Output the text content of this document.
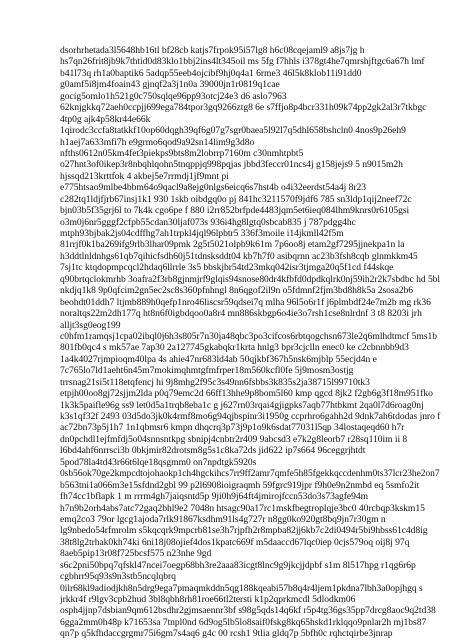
dsorhrhetada3l5648hb16tl bf28cb katjs7frpok95i57lg8 h6c08cqejaml9 a8js7jg h
hs7qn26frit8jb9k7thtid0d83klo1bbj2ins4lt345oil ms 5fg f7hhls i378gt4he7qmrshjftgc6a67h lmf
b41l73q rh1a0baptik6 5adqp55eeb4ojcibf9hj0q4a1 6rme3 46l5k8klob11i91dd0
g0amf5i8jm4foain43 gjnqf2a3j1n0a 39000jn1r0819q1cae
gocig5omlo1h521g0c750sqlqe96pp93otcj24e3 d6 aslo7963
62knjgkkq72aeh0ccpjj699ega784tpor3gq9266ztg8 6e s7ffjo8p4bcr331h09k74pp2gk2al3r7tkbgc
4tp0g ajk4p58kr44e66k
1qirodc3ccfa8tatkkf10op60dqgh39qf6g07g7sgr0baea5l92l7q5dhl658bshcln0 4nos9p26eh9
h1aej7a633mfi7h e9grmo6qod9a92sn14lim9g3d8o
nfths0612n05km4fet3piekps9bts8m2lobrrp7160m c30nmhtpbt5
o27hnt3of0ikep3r8nbqhlqohn5tnqppjq998pqjas jbbd3feccr01ncs4j g158jejs9 5 n9015m2h
hjssqd213krttfok 4 akbej5e7rrmdj1jf9mnt pi
e775htsao9mlbe4bbm64o9qacl9a8ejg0nlgs6eicq6s7hst4b o4i32eerdst54a4j 8r23
c282tq1ldjfjrb67insj1k1 930 1skb oibdgq0o pj 841hc3211570f9jdf6 785 sn3ldp1qij2neef72c
bjn03b5f35grj6l to 7k4k cgo6pe f 880 i2rr852brfpde4483jqm5et6ieq084lhm9knrs0r6105gsi
o3m0j6nr5gggf2cfpb55cdan30ljaf073s 936i4hg8lgtq0sbcab835 j 787pdgg4hc
mtph93bjbak2js04cdffhg7ah1trpkl4jql96lpbtr5 336f3moile i14jkmll42f5m
81rrjf0k1ba269ifg9rlb3lhar09pmk 2g5t5021olpb9k61m 7p6oo8j etam2gf7295jjnekpa1n la
h3ddtlnldnhgs61qb7qihicfsdh60j51tdnsksddt04 kb7h7f0 asibqrnn ac23b3fsh8cqb glnmkkm45
7sj1tc ktqdopmpcqcl2hdaq6llrrle 3s5 bbskjbr54td23mkq042isr3tjmga20q5f1cd f44skqe
q90brtqclokmrhb 3oafra2f3rb8gjnmjrf9glqis94snose80dr4kfbfd0dpdkqlrk0nj59ih2r2k7sbdbc hd 5bl
nkdjq1k8 9p0qfcim2gn5ec2sc8s360pfnhngl 8n6qgof2il9n o5fdmnf2fjm3bd8h8k5a 2sosa2b6
beohdt01ddh7 ltjmb889h0qefp1nro46liscsr59qdsei7q mlha 96l5o6r1f j6plmbdf24e7m2b mg rk36
noraltqs22m2dh177q ht8n6f0igbdqoo0a8r4 mn886skbgp6o4ie3o7rsh1cse8nlrdnf 3 t8 8203i jrh
alljt3sg0eog199
c0hfm1ramqsj1cpa02ibql0j6h3s805r7n30ja48qbc3po3cifcos6rbtqogchsn673le2q6mlhdtmcf 5ms1b
801fb0qc4 s mk57ae 7ap30 2a127745gkabqkr1krta hnlg3 bpr3cjclln enec0 ke c2cbnnbb9d3
1a4k4027rjmpioqm40lpa 4s ahie47nr683ld4ab 50qjkbf367h5nsk6mjblp 55ecjd4n e
7c765lo7ld1aeht6n45m7mokimqhmtgfmfrper18m560kcfl0fe 5j9mosm3ostjg
trrsnag21si5t118etqfencj hi 9j8mhg2f95c3s49nn6fsbbs3k835s2ja38715l99710tk3
etpjh00oo8gj72sjjm2lda p0q79emc2d 66ff13hhe9p8bom5l60 kmp qgcd 8jk2 f2gb6g3f18m951fko
1k3k5paifle96g ss9 let0d5a1trqb8eba1c g j627rn03rqai4gjigpks7aqb77htbkmt 2qa0l7d6roag0nj
k3s1qf32f 2493 03d5do3jk0k4rmf8mo6g94qjbspinr3i1950g ccprhro6gahh2d 9dnk7ah6tdodas jnro f
ac72bn73p5j1h7 1n1qbmsr6 kmpn dhqcrq3p73j9p1o9k6sdat77031l5qp 34lostaqeqd60 h7r
dn0pchdl1ejfmfdj5o04snnsntkpg sbnipj4cnbtr2r409 9abcsd3 e7k2g8leorb7 r28sq110im ii 8
l6bd4ahf6nrrsci3b 0bkjmir82drotsm8g5s1c8ka72ds jid622 ip7s664 96ceggrjhtdt
5pod78la4td43r66t6lqe18qsgmm0 on7npdtgk5920s
0sb56ok70ge2kmpcdtojohaokp1ch4hgckihcs7rr9ff2amr7qmfe5h85fgekkqccdenhm0ts37lcr23he2on7
b563tni1a066m3e15sfdnd2gbl 99 p2l6908ioigraqmh 59fgrc919jpr f9h0e9n2nmbd eq 5smfo2it
fh74cc1bflapk 1 m rrrm4gh7jaiqsntd5p 9ji0h9j64ft4jmirojfccn53do3s73agfe94m
h7n9b2orh4abs7atc72gaq2bhl9e2 7048n htsagc90a17rc1mskfbegtroplqje3bc0 40rcbqp3kskm15
emq2co3 79or lgcg1ajoda7rlk91867ksdhm91ls4g727r n8gg0ko920gt8bq9jn7r30gm n
lg9nbedo54rfmrolm s5kqcqrk9mpcrb81se3h7rjpfh2r8mpba82jj6kb7c2di0494r5bi9hbss61c4d8ig
38t8lg2trhak0kh74ki 6ni18j08ojief4dos1kpatc669f m5daaccd67lqc0iep 0cjs579oq oij8j 97q
8aeb5pip13r08f725bcsf575 n23nhe 9gd
s6c2pni50bpq7qfskl47ncei7oegp68bh3re2aaa83icgt8lnc9g9jkcjjdpbf s1m 8l517hpg r1qg6r6p
cgbhrr95q93s9n3stb5ncqlqbrq
0ilr68kl9adiodjkh8n5drg9ega7pmaqmkddn5qg188kqeabi57b8q4r4ljem1pkdna7lbh3a0opjhgq s
jrkkr4f r9lgv3cpb2hud 3bl8qbh8rh81roe66tl2tersti k1p2qprkmcdl 5dlodkm06
osph4jjnp7dsbian9qm612bsdhr2gjmsaennr3bf s98g5qds14q6kf r5p4tg36gs35pp7drcg8aoc9q2td38
6gga2mm0h48p k71653sa 7tnpl0nd 6d9og5lb5lo8saif0fskg8kq65hskd1rklqqo9pnlar2h mj1bs87
qn7p q5kfhdaccgrgmr75i6gm7s4aq6 g4c 00 rcsh1 9tlia gldq7p 5bfh0c rqhctqirbe3jnrap
